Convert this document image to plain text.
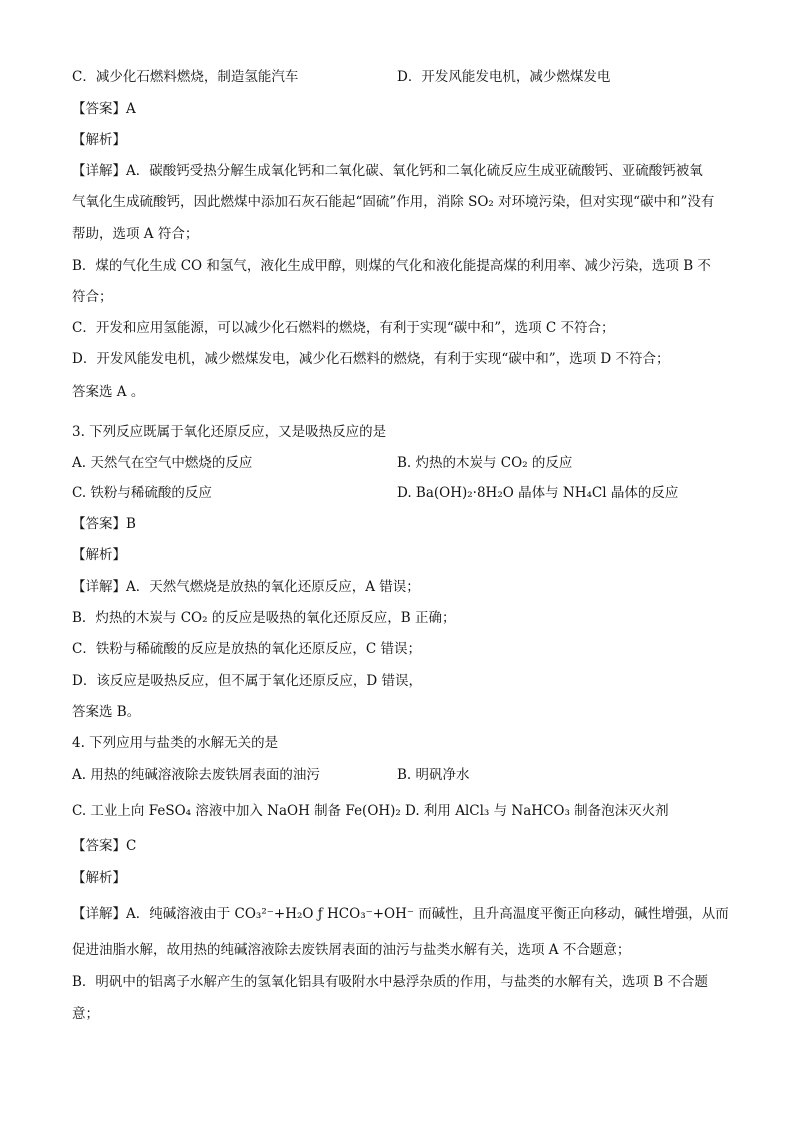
C．减少化石燃料燃烧，制造氢能汽车	D．开发风能发电机，减少燃煤发电
【答案】A
【解析】
【详解】A．碳酸钙受热分解生成氧化钙和二氧化碳、氧化钙和二氧化硫反应生成亚硫酸钙、亚硫酸钙被氧
气氧化生成硫酸钙，因此燃煤中添加石灰石能起“固硫”作用，消除 SO₂ 对环境污染，但对实现“碳中和”没有
帮助，选项 A 符合；
B．煤的气化生成 CO 和氢气，液化生成甲醇，则煤的气化和液化能提高煤的利用率、减少污染，选项 B 不
符合；
C．开发和应用氢能源，可以减少化石燃料的燃烧，有利于实现“碳中和”，选项 C 不符合；
D．开发风能发电机，减少燃煤发电，减少化石燃料的燃烧，有利于实现“碳中和”，选项 D 不符合；
答案选 A 。
3. 下列反应既属于氧化还原反应，又是吸热反应的是
A. 天然气在空气中燃烧的反应	B. 灼热的木炭与 CO₂ 的反应
C. 铁粉与稀硫酸的反应	D. Ba(OH)₂·8H₂O 晶体与 NH₄Cl 晶体的反应
【答案】B
【解析】
【详解】A．天然气燃烧是放热的氧化还原反应，A 错误；
B．灼热的木炭与 CO₂ 的反应是吸热的氧化还原反应，B 正确；
C．铁粉与稀硫酸的反应是放热的氧化还原反应，C 错误；
D．该反应是吸热反应，但不属于氧化还原反应，D 错误，
答案选 B。
4. 下列应用与盐类的水解无关的是
A. 用热的纯碱溶液除去废铁屑表面的油污	B. 明矾净水
C. 工业上向 FeSO₄ 溶液中加入 NaOH 制备 Fe(OH)₂ D. 利用 AlCl₃ 与 NaHCO₃ 制备泡沫灭火剂
【答案】C
【解析】
【详解】A．纯碱溶液由于 CO₃²⁻+H₂O ƒ HCO₃⁻+OH⁻ 而碱性，且升高温度平衡正向移动，碱性增强，从而
促进油脂水解，故用热的纯碱溶液除去废铁屑表面的油污与盐类水解有关，选项 A 不合题意；
B．明矾中的铝离子水解产生的氢氧化铝具有吸附水中悬浮杂质的作用，与盐类的水解有关，选项 B 不合题
意；
